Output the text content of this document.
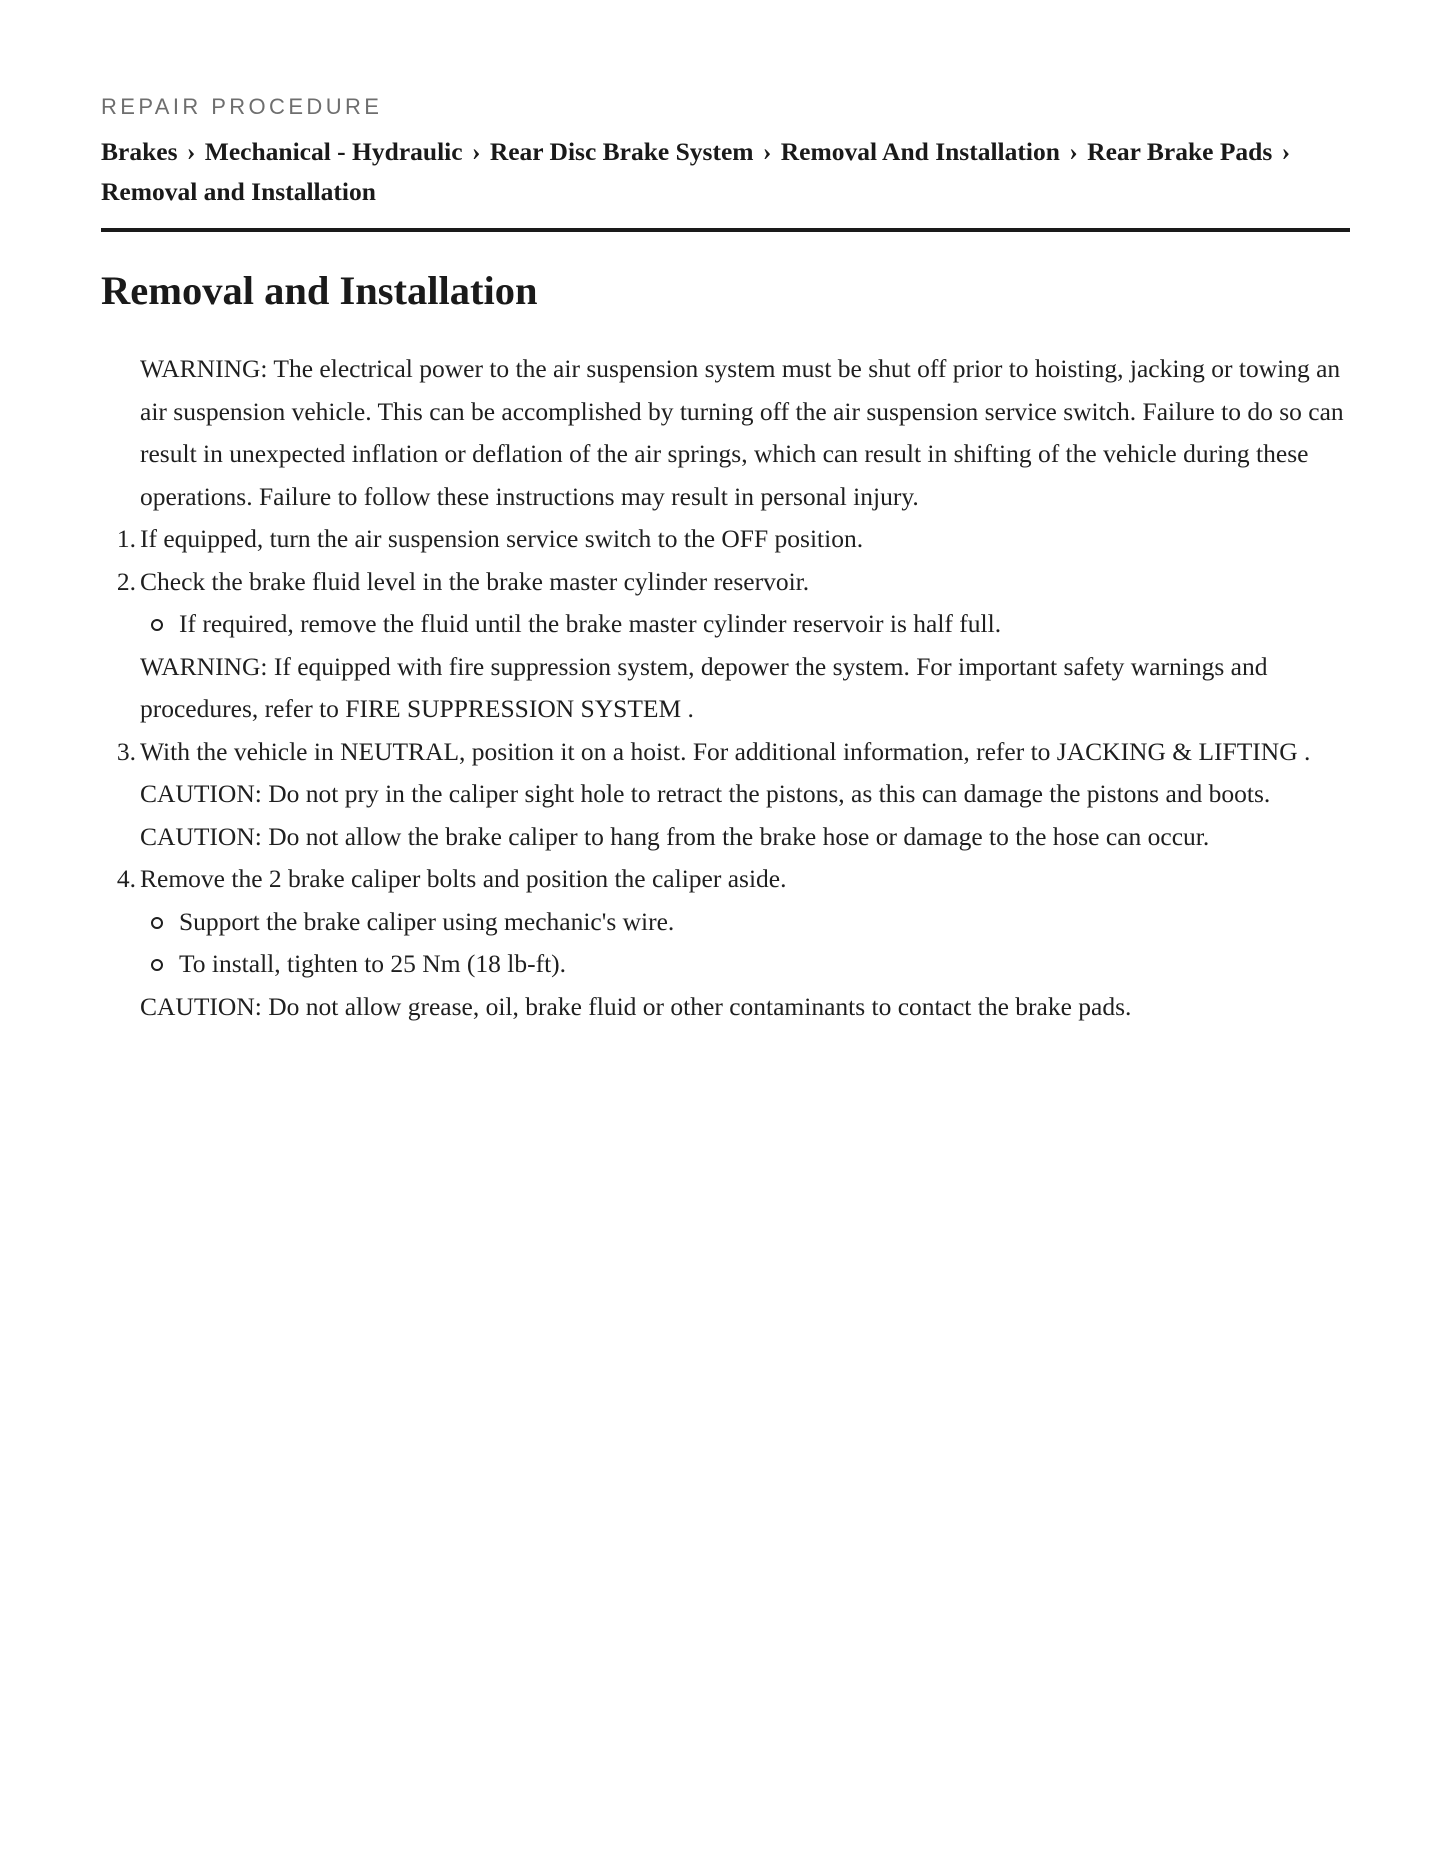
REPAIR PROCEDURE
Brakes › Mechanical - Hydraulic › Rear Disc Brake System › Removal And Installation › Rear Brake Pads › Removal and Installation
Removal and Installation

WARNING: The electrical power to the air suspension system must be shut off prior to hoisting, jacking or towing an air suspension vehicle. This can be accomplished by turning off the air suspension service switch. Failure to do so can result in unexpected inflation or deflation of the air springs, which can result in shifting of the vehicle during these operations. Failure to follow these instructions may result in personal injury.

1. If equipped, turn the air suspension service switch to the OFF position.
2. Check the brake fluid level in the brake master cylinder reservoir.
If required, remove the fluid until the brake master cylinder reservoir is half full.

WARNING: If equipped with fire suppression system, depower the system. For important safety warnings and procedures, refer to FIRE SUPPRESSION SYSTEM .

3. With the vehicle in NEUTRAL, position it on a hoist. For additional information, refer to JACKING & LIFTING .

CAUTION: Do not pry in the caliper sight hole to retract the pistons, as this can damage the pistons and boots.

CAUTION: Do not allow the brake caliper to hang from the brake hose or damage to the hose can occur.

4. Remove the 2 brake caliper bolts and position the caliper aside.
Support the brake caliper using mechanic's wire.
To install, tighten to 25 Nm (18 lb-ft).

CAUTION: Do not allow grease, oil, brake fluid or other contaminants to contact the brake pads.
